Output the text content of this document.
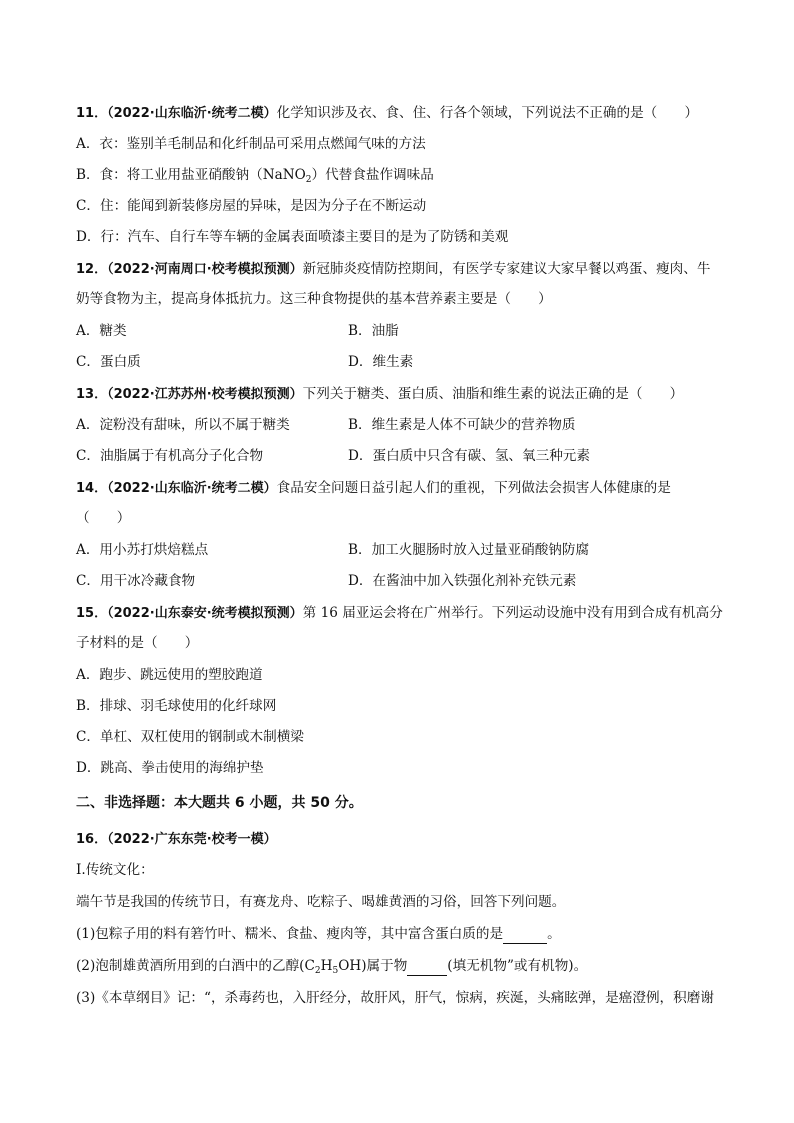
11．（2022·山东临沂·统考二模）化学知识涉及衣、食、住、行各个领域，下列说法不正确的是（　　）
A．衣：鉴别羊毛制品和化纤制品可采用点燃闻气味的方法
B．食：将工业用盐亚硝酸钠（NaNO$_2$）代替食盐作调味品
C．住：能闻到新装修房屋的异味，是因为分子在不断运动
D．行：汽车、自行车等车辆的金属表面喷漆主要目的是为了防锈和美观
12．（2022·河南周口·校考模拟预测）新冠肺炎疫情防控期间，有医学专家建议大家早餐以鸡蛋、瘦肉、牛
奶等食物为主，提高身体抵抗力。这三种食物提供的基本营养素主要是（　　）
A．糖类	B．油脂
C．蛋白质	D．维生素
13．（2022·江苏苏州·校考模拟预测）下列关于糖类、蛋白质、油脂和维生素的说法正确的是（　　）
A．淀粉没有甜味，所以不属于糖类	B．维生素是人体不可缺少的营养物质
C．油脂属于有机高分子化合物	D．蛋白质中只含有碳、氢、氧三种元素
14．（2022·山东临沂·统考二模）食品安全问题日益引起人们的重视，下列做法会损害人体健康的是
（　　）
A．用小苏打烘焙糕点	B．加工火腿肠时放入过量亚硝酸钠防腐
C．用干冰冷藏食物	D．在酱油中加入铁强化剂补充铁元素
15．（2022·山东泰安·统考模拟预测）第 16 届亚运会将在广州举行。下列运动设施中没有用到合成有机高分
子材料的是（　　）
A．跑步、跳远使用的塑胶跑道
B．排球、羽毛球使用的化纤球网
C．单杠、双杠使用的钢制或木制横梁
D．跳高、拳击使用的海绵护垫
二、非选择题：本大题共 6 小题，共 50 分。
16．（2022·广东东莞·校考一模）
I.传统文化：
端午节是我国的传统节日，有赛龙舟、吃粽子、喝雄黄酒的习俗，回答下列问题。
(1)包粽子用的料有箬竹叶、糯米、食盐、瘦肉等，其中富含蛋白质的是	。
(2)泡制雄黄酒所用到的白酒中的乙醇$(C_2H_5OH)$属于物	(填无机物”或有机物)。
(3)《本草纲目》记：“，杀毒药也，入肝经分，故肝风，肝气，惊病，疾涎，头痛眩弹，是癌澄例，积磨谢
